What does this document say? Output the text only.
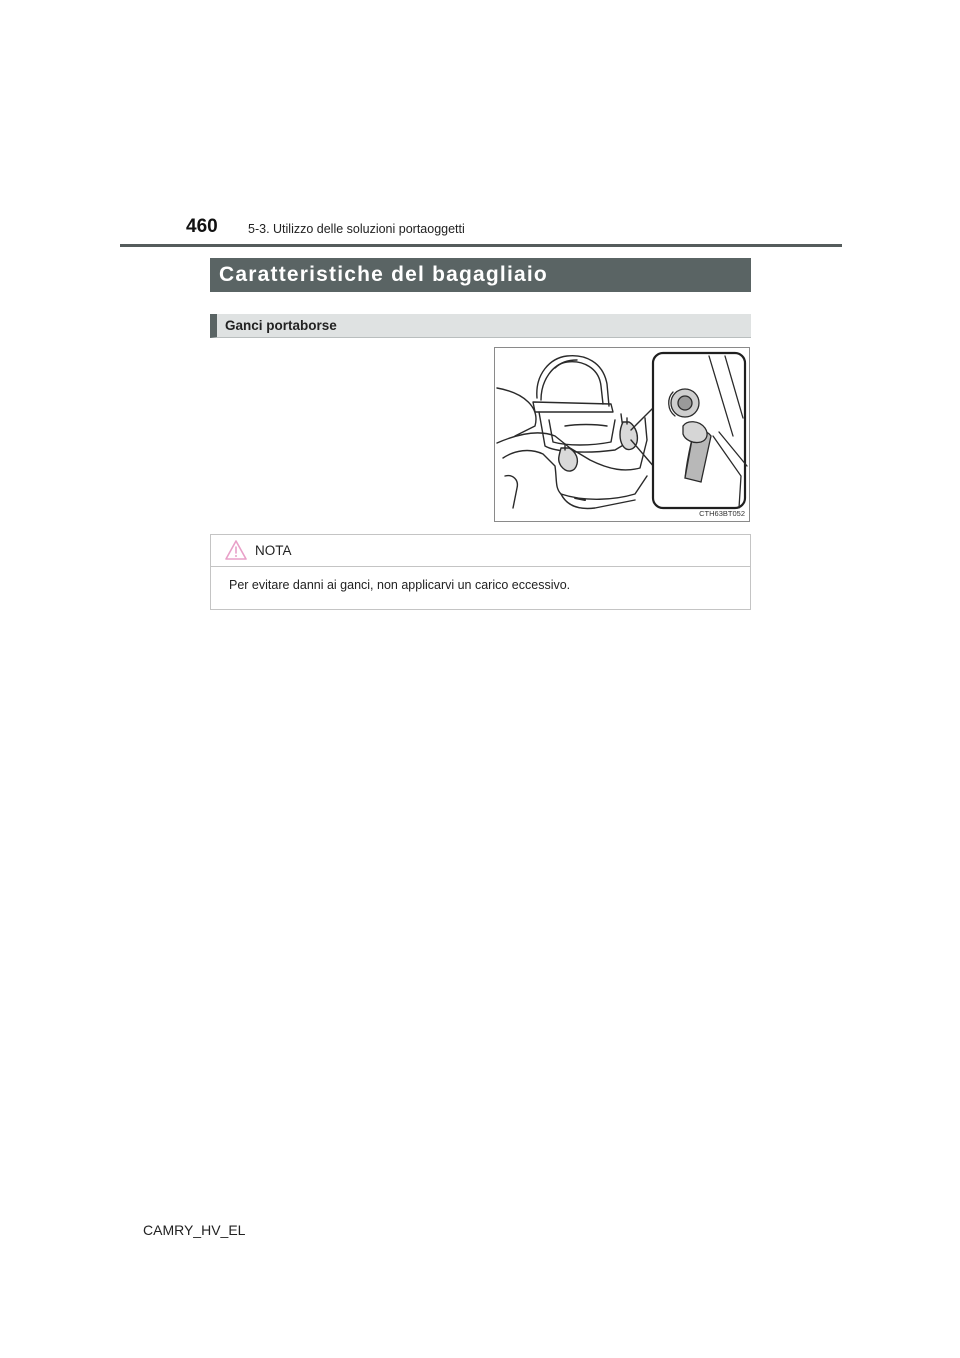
460 5-3. Utilizzo delle soluzioni portaoggetti
Caratteristiche del bagagliaio
Ganci portaborse
CTH63BT052
NOTA
Per evitare danni ai ganci, non applicarvi un carico eccessivo.
CAMRY_HV_EL
